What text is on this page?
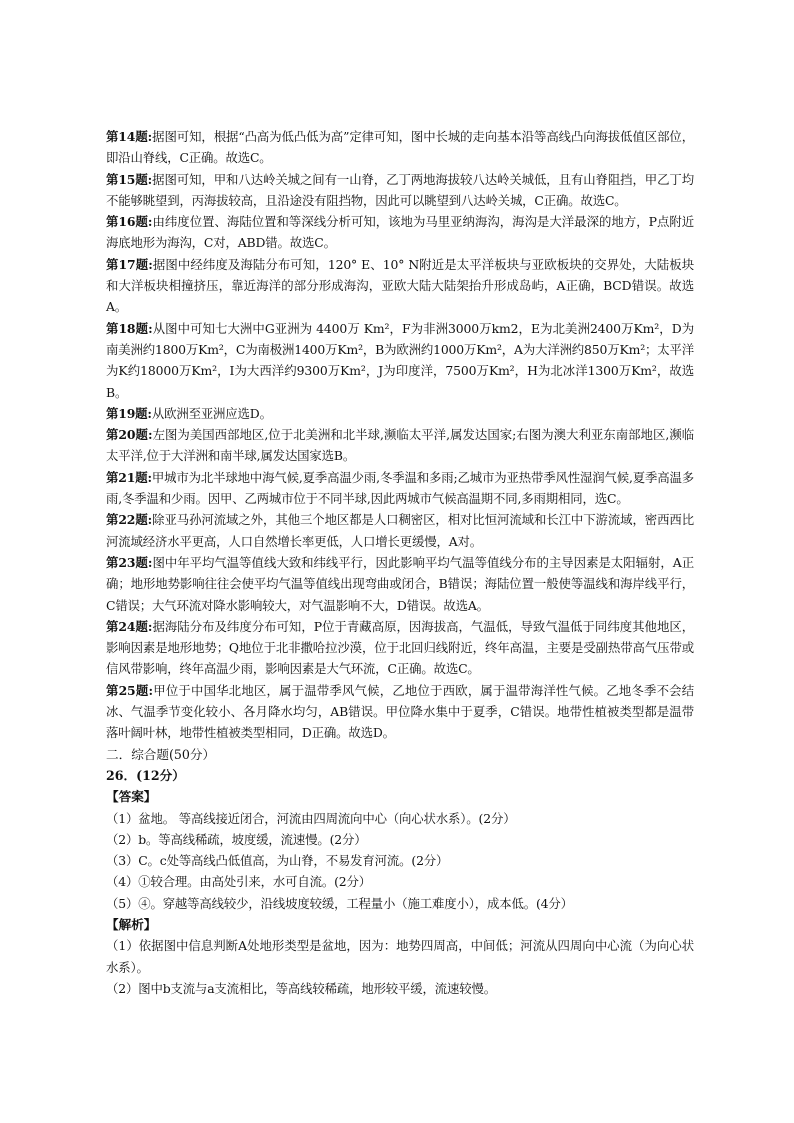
第14题:据图可知，根据“凸高为低凸低为高”定律可知，图中长城的走向基本沿等高线凸向海拔低值区部位，即沿山脊线，C正确。故选C。

第15题:据图可知，甲和八达岭关城之间有一山脊，乙丁两地海拔较八达岭关城低，且有山脊阻挡，甲乙丁均不能够眺望到，丙海拔较高，且沿途没有阻挡物，因此可以眺望到八达岭关城，C正确。故选C。

第16题:由纬度位置、海陆位置和等深线分析可知，该地为马里亚纳海沟，海沟是大洋最深的地方，P点附近海底地形为海沟，C对，ABD错。故选C。

第17题:据图中经纬度及海陆分布可知，120° E、10° N附近是太平洋板块与亚欧板块的交界处，大陆板块和大洋板块相撞挤压，靠近海洋的部分形成海沟，亚欧大陆大陆架抬升形成岛屿，A正确，BCD错误。故选A。

第18题:从图中可知七大洲中G亚洲为 4400万 Km²，F为非洲3000万km2，E为北美洲2400万Km²，D为南美洲约1800万Km²，C为南极洲1400万Km²，B为欧洲约1000万Km²，A为大洋洲约850万Km²；太平洋为K约18000万Km²，I为大西洋约9300万Km²，J为印度洋，7500万Km²，H为北冰洋1300万Km²，故选B。

第19题:从欧洲至亚洲应选D。

第20题:左图为美国西部地区,位于北美洲和北半球,濒临太平洋,属发达国家;右图为澳大利亚东南部地区,濒临太平洋,位于大洋洲和南半球,属发达国家选B。

第21题:甲城市为北半球地中海气候,夏季高温少雨,冬季温和多雨;乙城市为亚热带季风性湿润气候,夏季高温多雨,冬季温和少雨。因甲、乙两城市位于不同半球,因此两城市气候高温期不同,多雨期相同，选C。

第22题:除亚马孙河流域之外，其他三个地区都是人口稠密区，相对比恒河流域和长江中下游流域，密西西比河流域经济水平更高，人口自然增长率更低，人口增长更缓慢，A对。

第23题:图中年平均气温等值线大致和纬线平行，因此影响平均气温等值线分布的主导因素是太阳辐射，A正确；地形地势影响往往会使平均气温等值线出现弯曲或闭合，B错误；海陆位置一般使等温线和海岸线平行，C错误；大气环流对降水影响较大，对气温影响不大，D错误。故选A。

第24题:据海陆分布及纬度分布可知，P位于青藏高原，因海拔高，气温低，导致气温低于同纬度其他地区，影响因素是地形地势；Q地位于北非撒哈拉沙漠，位于北回归线附近，终年高温，主要是受副热带高气压带或信风带影响，终年高温少雨，影响因素是大气环流，C正确。故选C。

第25题:甲位于中国华北地区，属于温带季风气候，乙地位于西欧，属于温带海洋性气候。乙地冬季不会结冰、气温季节变化较小、各月降水均匀，AB错误。甲位降水集中于夏季，C错误。地带性植被类型都是温带落叶阔叶林，地带性植被类型相同，D正确。故选D。

二．综合题(50分）

26．(12分）

【答案】

（1）盆地。 等高线接近闭合，河流由四周流向中心（向心状水系）。(2分）

（2）b。等高线稀疏，坡度缓，流速慢。(2分）

（3）C。c处等高线凸低值高，为山脊，不易发育河流。(2分）

（4）①较合理。由高处引来，水可自流。(2分）

（5）④。穿越等高线较少，沿线坡度较缓，工程量小（施工难度小），成本低。(4分）

【解析】

（1）依据图中信息判断A处地形类型是盆地，因为：地势四周高，中间低；河流从四周向中心流（为向心状水系）。

（2）图中b支流与a支流相比，等高线较稀疏，地形较平缓，流速较慢。
